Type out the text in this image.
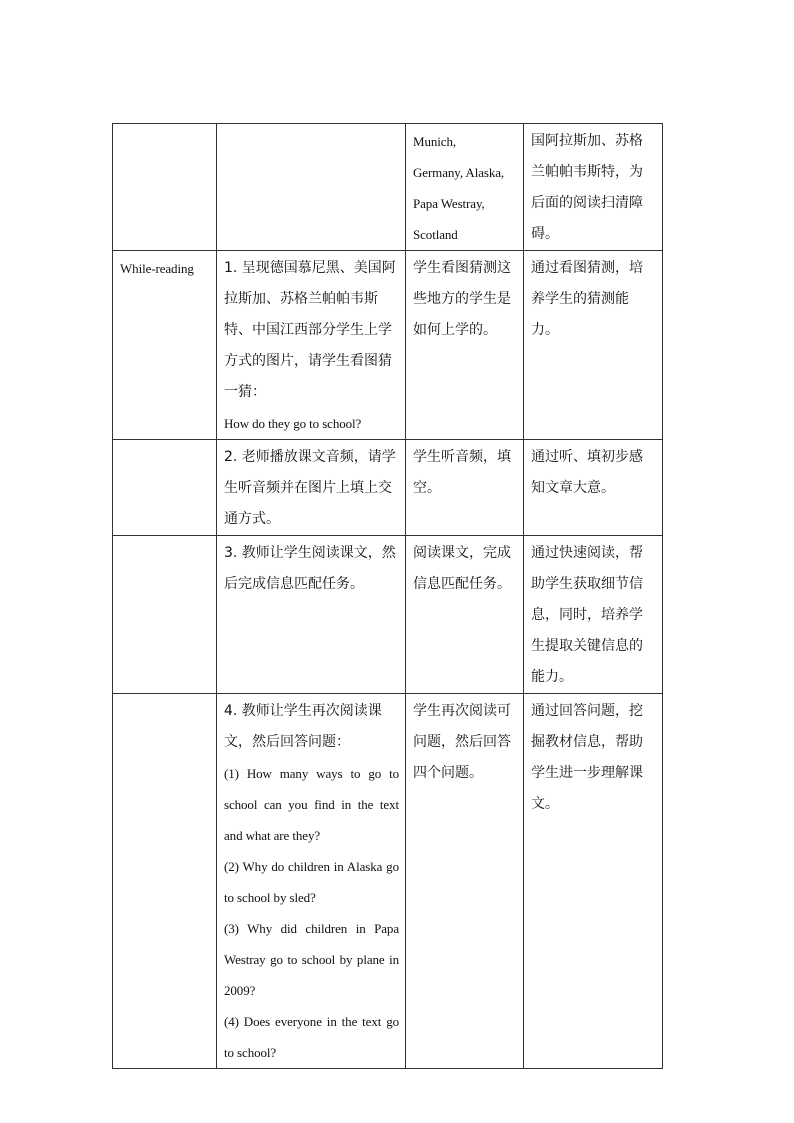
		Munich,
Germany, Alaska,
Papa Westray,
Scotland	国阿拉斯加、苏格兰帕帕韦斯特，为后面的阅读扫清障碍。
While-reading	1. 呈现德国慕尼黑、美国阿拉斯加、苏格兰帕帕韦斯特、中国江西部分学生上学方式的图片，请学生看图猜一猜：
How do they go to school?	学生看图猜测这些地方的学生是如何上学的。	通过看图猜测，培养学生的猜测能力。
	2. 老师播放课文音频，请学生听音频并在图片上填上交通方式。	学生听音频，填空。	通过听、填初步感知文章大意。
	3. 教师让学生阅读课文，然后完成信息匹配任务。	阅读课文，完成信息匹配任务。	通过快速阅读，帮助学生获取细节信息，同时，培养学生提取关键信息的能力。

	4. 教师让学生再次阅读课文，然后回答问题：
(1) How many ways to go to school can you find in the text and what are they?
(2) Why do children in Alaska go to school by sled?
(3) Why did children in Papa Westray go to school by plane in 2009?
(4) Does everyone in the text go to school?	学生再次阅读可问题，然后回答四个问题。	通过回答问题，挖掘教材信息，帮助学生进一步理解课文。
